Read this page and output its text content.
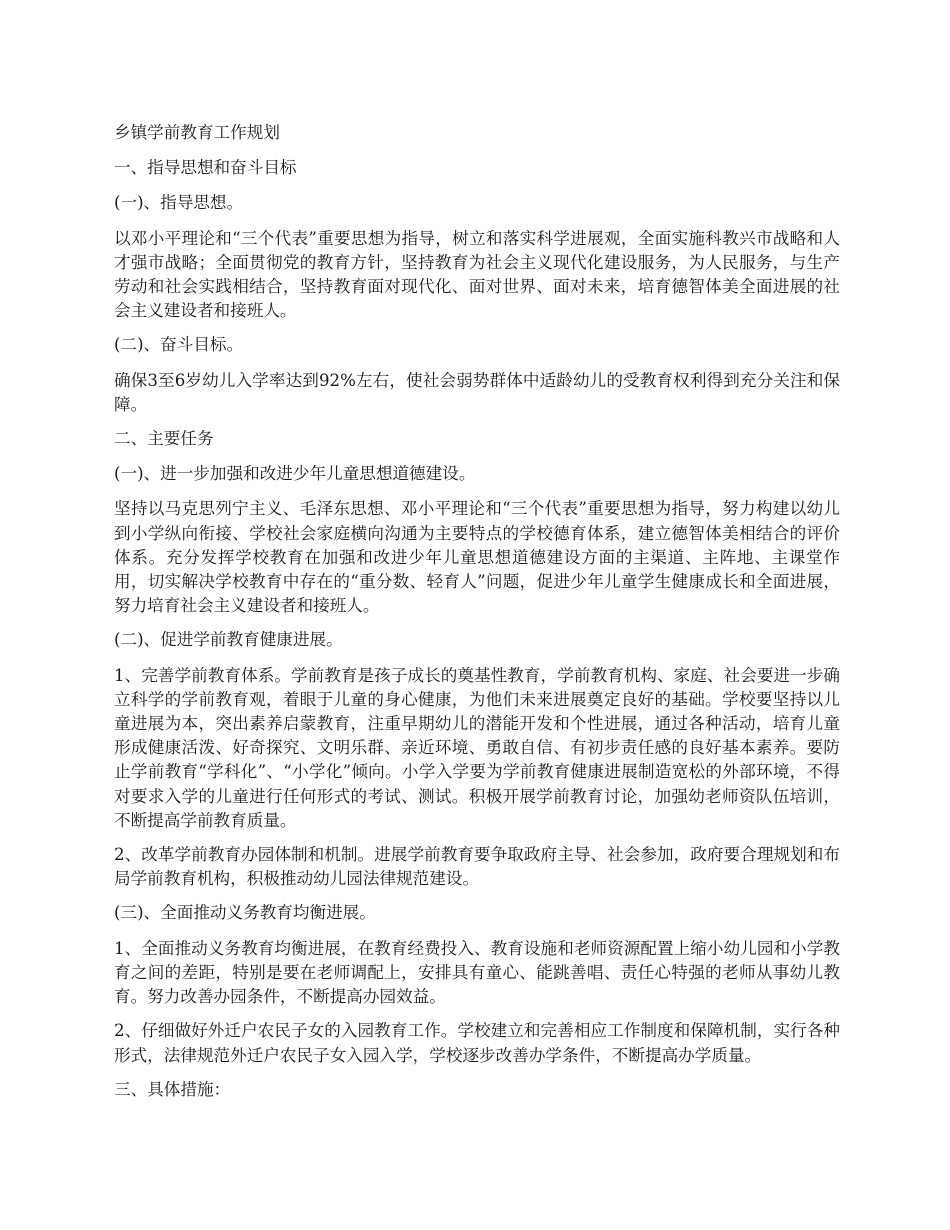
乡镇学前教育工作规划

一、指导思想和奋斗目标

(一)、指导思想。

以邓小平理论和“三个代表”重要思想为指导，树立和落实科学进展观，全面实施科教兴市战略和人才强市战略；全面贯彻党的教育方针，坚持教育为社会主义现代化建设服务，为人民服务，与生产劳动和社会实践相结合，坚持教育面对现代化、面对世界、面对未来，培育德智体美全面进展的社会主义建设者和接班人。

(二)、奋斗目标。

确保3至6岁幼儿入学率达到92%左右，使社会弱势群体中适龄幼儿的受教育权利得到充分关注和保障。

二、主要任务

(一)、进一步加强和改进少年儿童思想道德建设。

坚持以马克思列宁主义、毛泽东思想、邓小平理论和“三个代表”重要思想为指导，努力构建以幼儿到小学纵向衔接、学校社会家庭横向沟通为主要特点的学校德育体系，建立德智体美相结合的评价体系。充分发挥学校教育在加强和改进少年儿童思想道德建设方面的主渠道、主阵地、主课堂作用，切实解决学校教育中存在的“重分数、轻育人”问题，促进少年儿童学生健康成长和全面进展，努力培育社会主义建设者和接班人。

(二)、促进学前教育健康进展。

1、完善学前教育体系。学前教育是孩子成长的奠基性教育，学前教育机构、家庭、社会要进一步确立科学的学前教育观，着眼于儿童的身心健康，为他们未来进展奠定良好的基础。学校要坚持以儿童进展为本，突出素养启蒙教育，注重早期幼儿的潜能开发和个性进展，通过各种活动，培育儿童形成健康活泼、好奇探究、文明乐群、亲近环境、勇敢自信、有初步责任感的良好基本素养。要防止学前教育“学科化”、“小学化”倾向。小学入学要为学前教育健康进展制造宽松的外部环境，不得对要求入学的儿童进行任何形式的考试、测试。积极开展学前教育讨论，加强幼老师资队伍培训，不断提高学前教育质量。

2、改革学前教育办园体制和机制。进展学前教育要争取政府主导、社会参加，政府要合理规划和布局学前教育机构，积极推动幼儿园法律规范建设。

(三)、全面推动义务教育均衡进展。

1、全面推动义务教育均衡进展，在教育经费投入、教育设施和老师资源配置上缩小幼儿园和小学教育之间的差距，特别是要在老师调配上，安排具有童心、能跳善唱、责任心特强的老师从事幼儿教育。努力改善办园条件，不断提高办园效益。

2、仔细做好外迁户农民子女的入园教育工作。学校建立和完善相应工作制度和保障机制，实行各种形式，法律规范外迁户农民子女入园入学，学校逐步改善办学条件，不断提高办学质量。

三、具体措施：
